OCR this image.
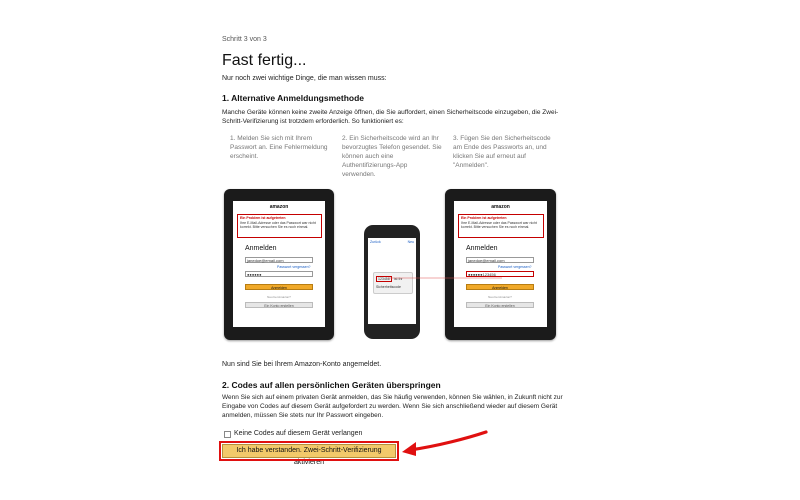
Schritt 3 von 3
Fast fertig...
Nur noch zwei wichtige Dinge, die man wissen muss:
1. Alternative Anmeldungsmethode
Manche Geräte können keine zweite Anzeige öffnen, die Sie auffordert, einen Sicherheitscode einzugeben, die Zwei-Schritt-Verifizierung ist trotzdem erforderlich. So funktioniert es:
1. Melden Sie sich mit Ihrem Passwort an. Eine Fehlermeldung erscheint.
2. Ein Sicherheitscode wird an Ihr bevorzugtes Telefon gesendet. Sie können auch eine Authentifizierungs-App verwenden.
3. Fügen Sie den Sicherheitscode am Ende des Passworts an, und klicken Sie auf erneut auf "Anmelden".
amazon
Ein Problem ist aufgetreten
Ihre E-Mail-Adresse oder das Passwort war nicht korrekt. Bitte versuchen Sie es noch einmal.
Anmelden
janedoe@email.com
Passwort vergessen?
●●●●●●
Anmelden
Neu bei Amazon?
Ein Konto erstellen
Zurück	Neu
123456	ist Ihr
Sicherheitscode
amazon
Ein Problem ist aufgetreten
Ihre E-Mail-Adresse oder das Passwort war nicht korrekt. Bitte versuchen Sie es noch einmal.
Anmelden
janedoe@email.com
Passwort vergessen?
●●●●●●123456
Anmelden
Neu bei Amazon?
Ein Konto erstellen
Nun sind Sie bei Ihrem Amazon-Konto angemeldet.
2. Codes auf allen persönlichen Geräten überspringen
Wenn Sie sich auf einem privaten Gerät anmelden, das Sie häufig verwenden, können Sie wählen, in Zukunft nicht zur Eingabe von Codes auf diesem Gerät aufgefordert zu werden. Wenn Sie sich anschließend wieder auf diesem Gerät anmelden, müssen Sie stets nur Ihr Passwort eingeben.
Keine Codes auf diesem Gerät verlangen
Ich habe verstanden. Zwei-Schritt-Verifizierung aktivieren
